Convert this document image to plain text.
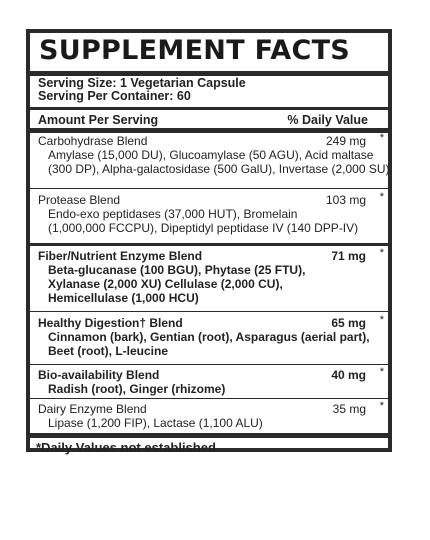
SUPPLEMENT FACTS
Serving Size: 1 Vegetarian Capsule
Serving Per Container: 60
Amount Per Serving	% Daily Value
Carbohydrase Blend	249 mg *
Amylase (15,000 DU), Glucoamylase (50 AGU), Acid maltase
(300 DP), Alpha-galactosidase (500 GalU), Invertase (2,000 SU)
Protease Blend	103 mg *
Endo-exo peptidases (37,000 HUT), Bromelain
(1,000,000 FCCPU), Dipeptidyl peptidase IV (140 DPP-IV)
Fiber/Nutrient Enzyme Blend	71 mg *
Beta-glucanase (100 BGU), Phytase (25 FTU),
Xylanase (2,000 XU) Cellulase (2,000 CU),
Hemicellulase (1,000 HCU)
Healthy Digestion† Blend	65 mg *
Cinnamon (bark), Gentian (root), Asparagus (aerial part),
Beet (root), L-leucine
Bio-availability Blend	40 mg *
Radish (root), Ginger (rhizome)
Dairy Enzyme Blend	35 mg *
Lipase (1,200 FIP), Lactase (1,100 ALU)
*Daily Values not established
